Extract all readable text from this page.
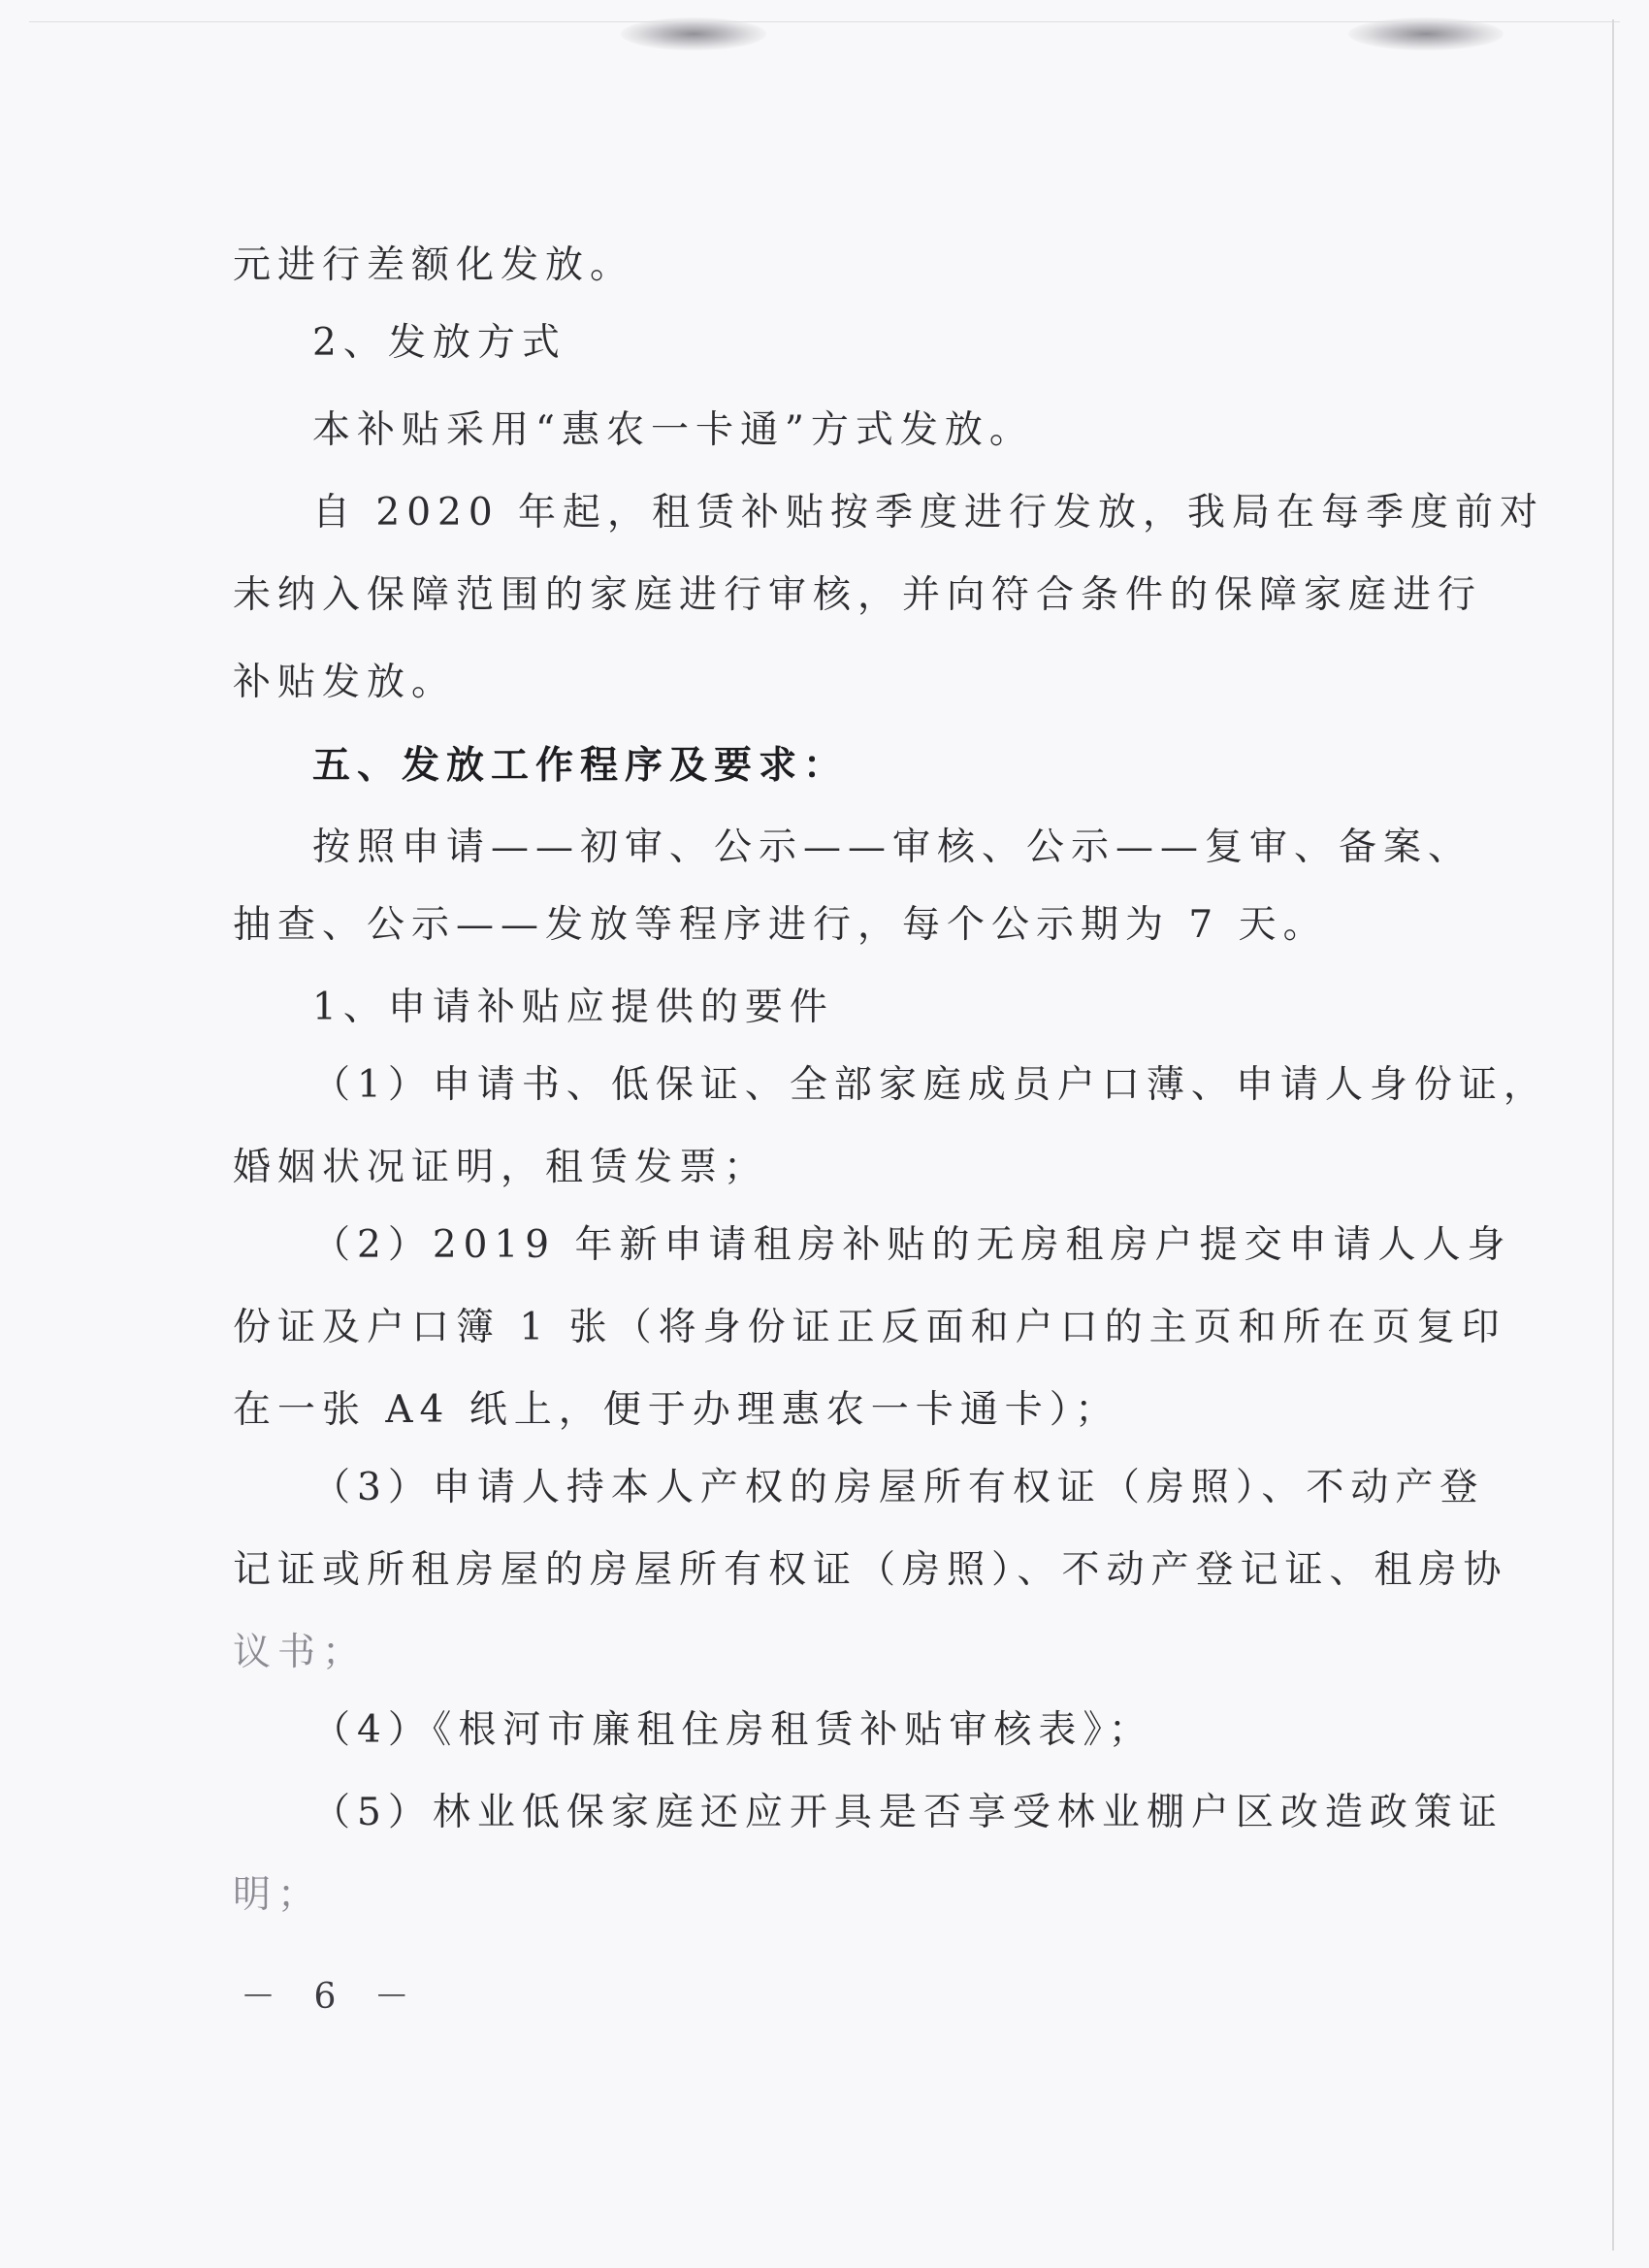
元进行差额化发放。
2、发放方式
本补贴采用“惠农一卡通”方式发放。
自 2020 年起，租赁补贴按季度进行发放，我局在每季度前对
未纳入保障范围的家庭进行审核，并向符合条件的保障家庭进行
补贴发放。
五、发放工作程序及要求：
按照申请——初审、公示——审核、公示——复审、备案、
抽查、公示——发放等程序进行，每个公示期为 7 天。
1、申请补贴应提供的要件
（1）申请书、低保证、全部家庭成员户口薄、申请人身份证，
婚姻状况证明，租赁发票；
（2）2019 年新申请租房补贴的无房租房户提交申请人人身
份证及户口簿 1 张（将身份证正反面和户口的主页和所在页复印
在一张 A4 纸上，便于办理惠农一卡通卡）；
（3）申请人持本人产权的房屋所有权证（房照）、不动产登
记证或所租房屋的房屋所有权证（房照）、不动产登记证、租房协
议书；
（4）《根河市廉租住房租赁补贴审核表》；
（5）林业低保家庭还应开具是否享受林业棚户区改造政策证
明；
－ 6 －
